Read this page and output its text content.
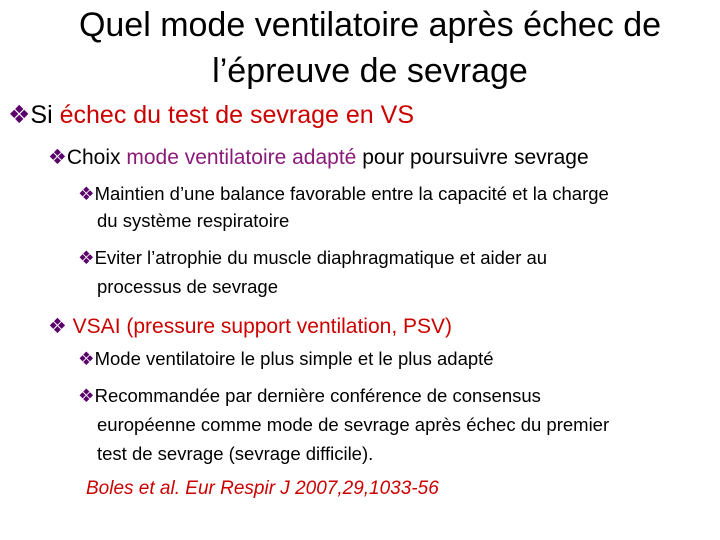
Quel mode ventilatoire après échec de
l’épreuve de sevrage
❖Si échec du test de sevrage en VS
❖Choix mode ventilatoire adapté pour poursuivre sevrage
❖Maintien d’une balance favorable entre la capacité et la charge
du système respiratoire
❖Eviter l’atrophie du muscle diaphragmatique et aider au
processus de sevrage
❖ VSAI (pressure support ventilation, PSV)
❖Mode ventilatoire le plus simple et le plus adapté
❖Recommandée par dernière conférence de consensus
européenne comme mode de sevrage après échec du premier
test de sevrage (sevrage difficile).
Boles et al. Eur Respir J 2007,29,1033-56
